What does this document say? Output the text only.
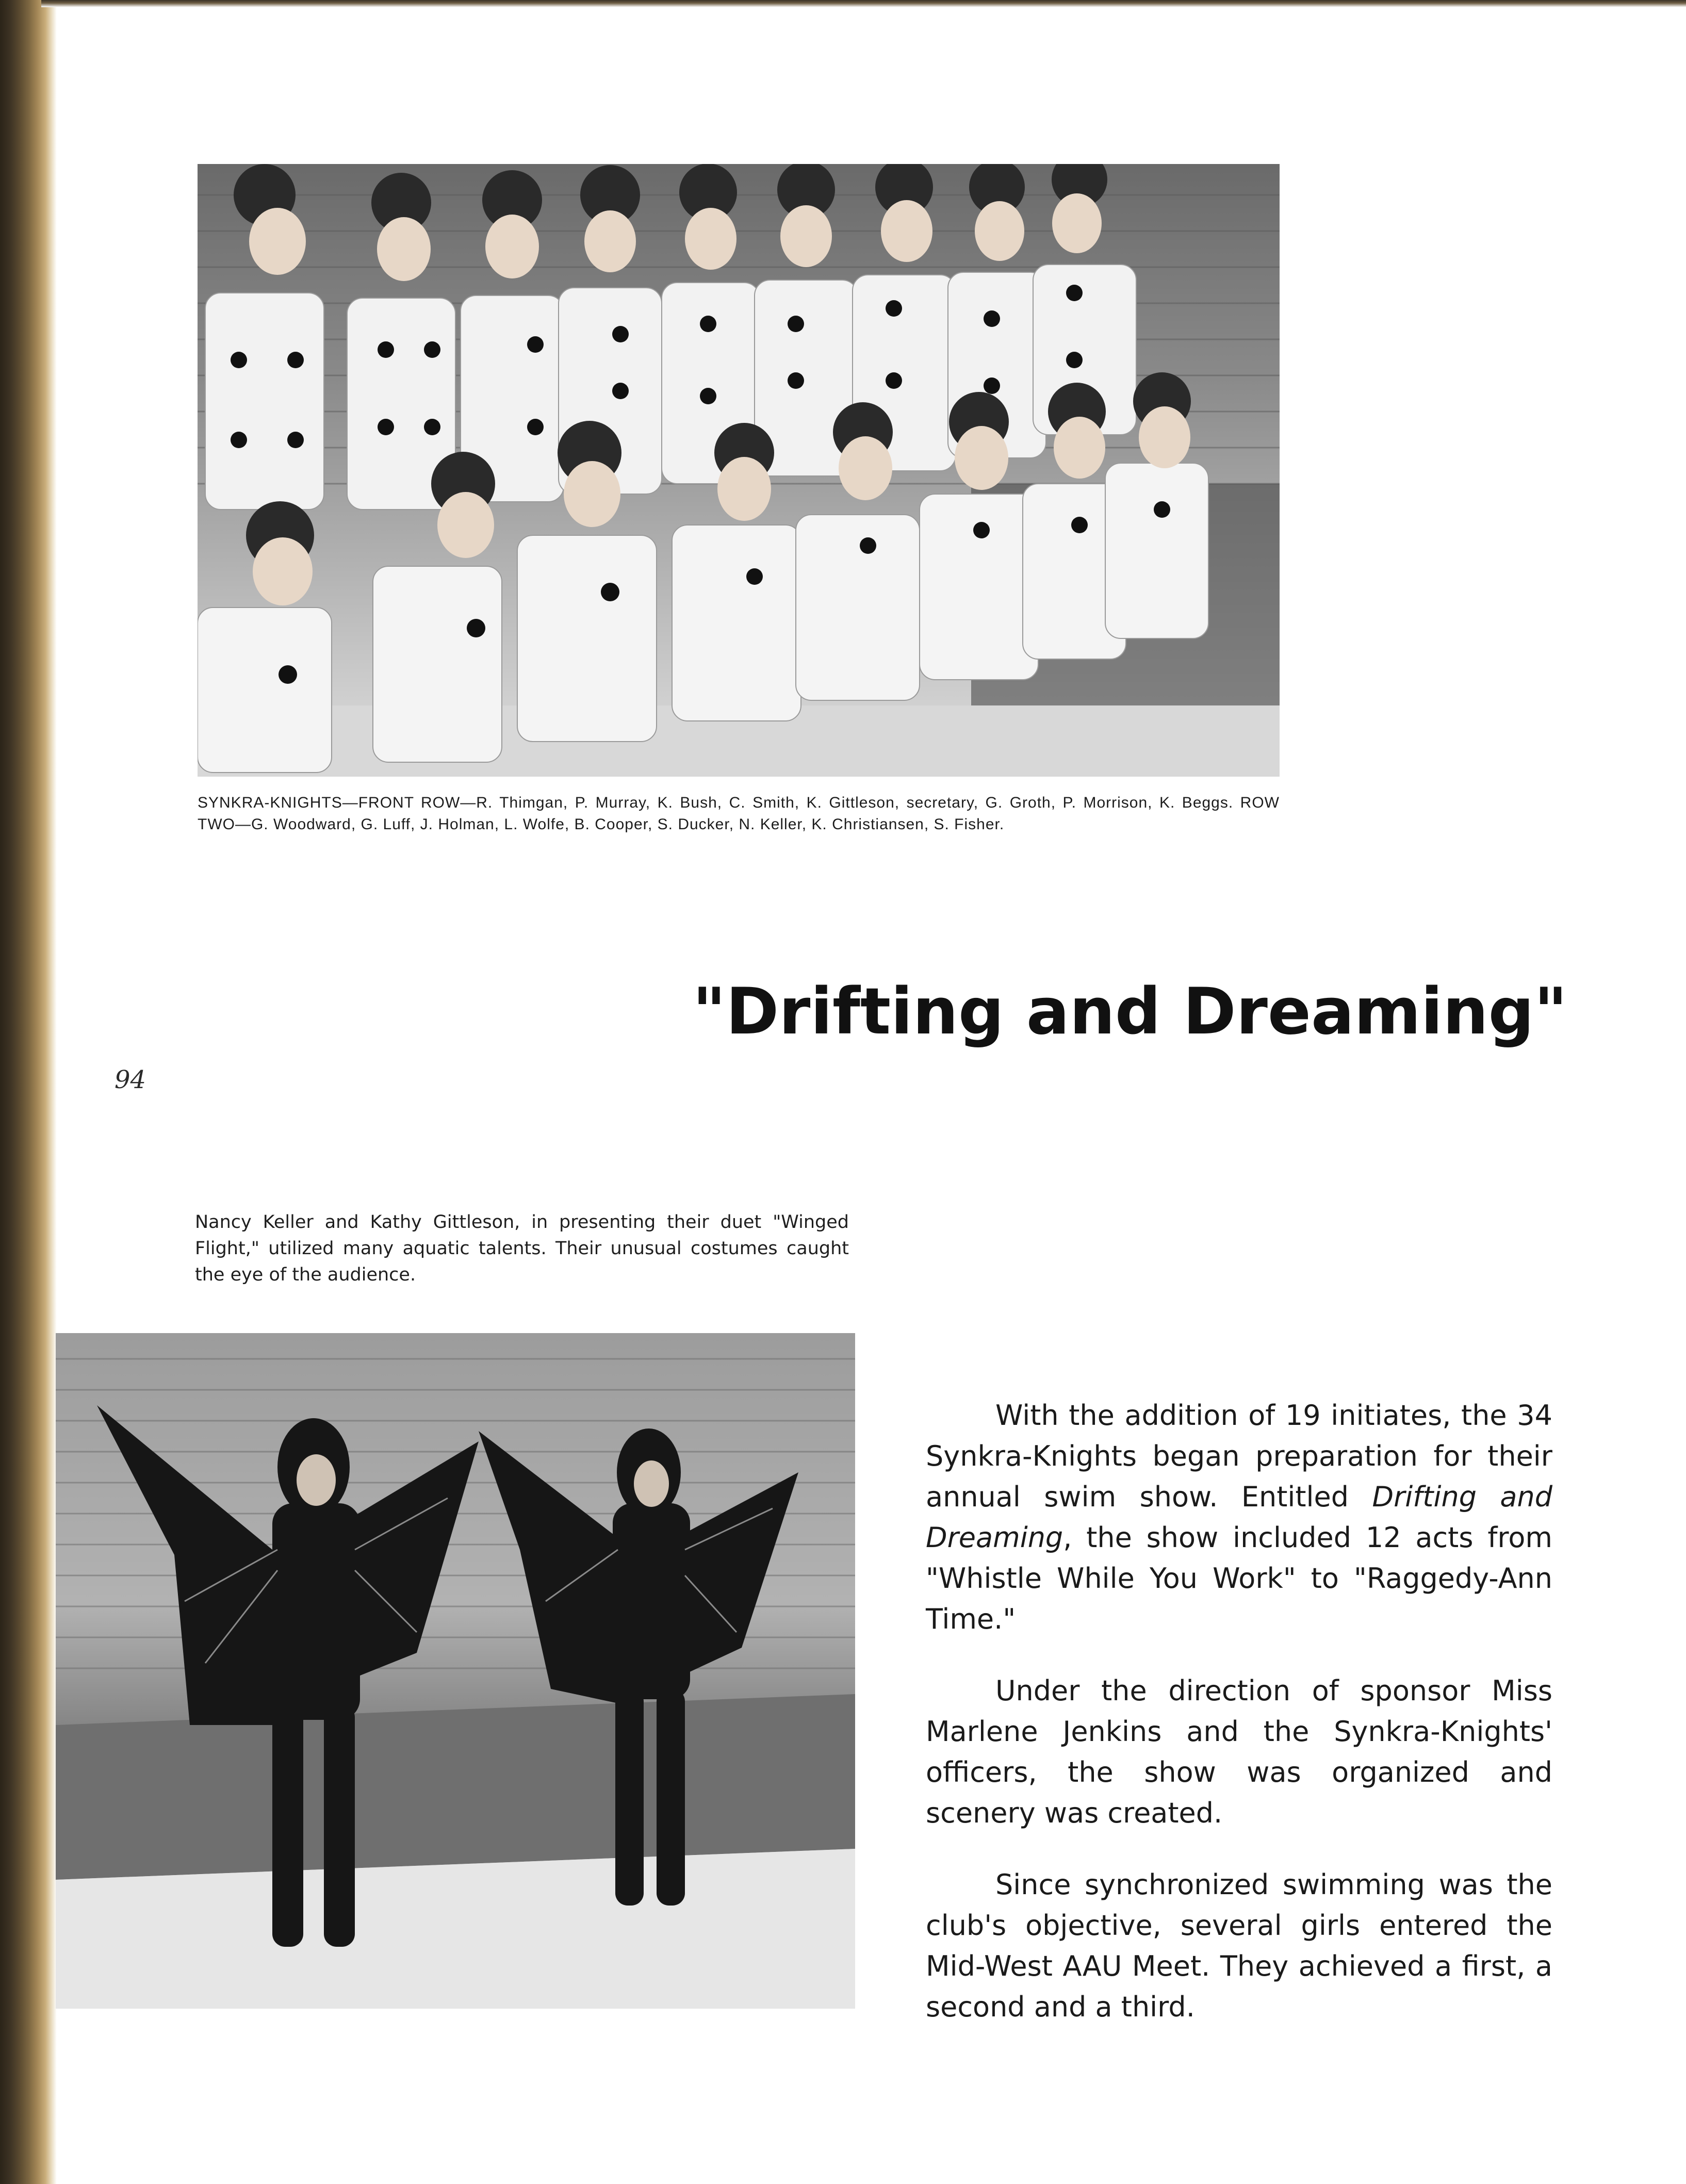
SYNKRA-KNIGHTS—FRONT ROW—R. Thimgan, P. Murray, K. Bush, C. Smith, K. Gittleson, secretary, G. Groth, P. Morrison, K. Beggs. ROW TWO—G. Woodward, G. Luff, J. Holman, L. Wolfe, B. Cooper, S. Ducker, N. Keller, K. Christiansen, S. Fisher.

"Drifting and Dreaming"
94

Nancy Keller and Kathy Gittleson, in presenting their duet "Winged Flight," utilized many aquatic talents. Their unusual costumes caught the eye of the audience.

With the addition of 19 initiates, the 34 Synkra-Knights began preparation for their annual swim show. Entitled Drifting and Dreaming, the show included 12 acts from "Whistle While You Work" to "Raggedy-Ann Time."

Under the direction of sponsor Miss Marlene Jenkins and the Synkra-Knights' officers, the show was organized and scenery was created.

Since synchronized swimming was the club's objective, several girls entered the Mid-West AAU Meet. They achieved a first, a second and a third.
